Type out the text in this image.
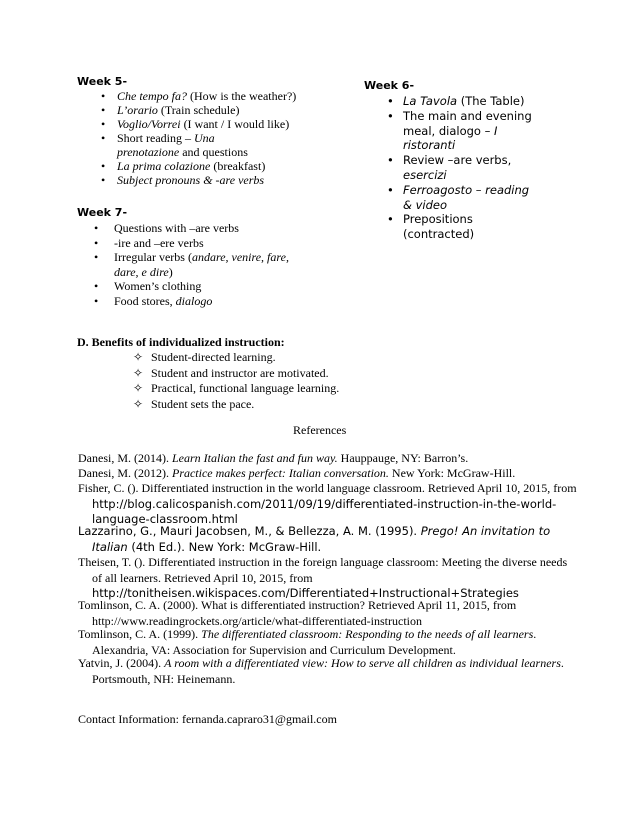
Week 5-
• Che tempo fa? (How is the weather?)
• L’orario (Train schedule)
• Voglio/Vorrei (I want / I would like)
• Short reading – Una prenotazione and questions
• La prima colazione (breakfast)
• Subject pronouns & -are verbs
Week 6-
• La Tavola (The Table)
• The main and evening meal, dialogo – I ristoranti
• Review –are verbs, esercizi
• Ferroagosto – reading & video
• Prepositions (contracted)
Week 7-
• Questions with –are verbs
• -ire and –ere verbs
• Irregular verbs (andare, venire, fare, dare, e dire)
• Women’s clothing
• Food stores, dialogo
D. Benefits of individualized instruction:
✧ Student-directed learning.
✧ Student and instructor are motivated.
✧ Practical, functional language learning.
✧ Student sets the pace.
References
Danesi, M. (2014). Learn Italian the fast and fun way. Hauppauge, NY: Barron’s.
Danesi, M. (2012). Practice makes perfect: Italian conversation. New York: McGraw-Hill.
Fisher, C. (). Differentiated instruction in the world language classroom. Retrieved April 10, 2015, from http://blog.calicospanish.com/2011/09/19/differentiated-instruction-in-the-world-language-classroom.html
Lazzarino, G., Mauri Jacobsen, M., & Bellezza, A. M. (1995). Prego! An invitation to Italian (4th Ed.). New York: McGraw-Hill.
Theisen, T. (). Differentiated instruction in the foreign language classroom: Meeting the diverse needs of all learners. Retrieved April 10, 2015, from http://tonitheisen.wikispaces.com/Differentiated+Instructional+Strategies
Tomlinson, C. A. (2000). What is differentiated instruction? Retrieved April 11, 2015, from http://www.readingrockets.org/article/what-differentiated-instruction
Tomlinson, C. A. (1999). The differentiated classroom: Responding to the needs of all learners. Alexandria, VA: Association for Supervision and Curriculum Development.
Yatvin, J. (2004). A room with a differentiated view: How to serve all children as individual learners. Portsmouth, NH: Heinemann.
Contact Information: fernanda.capraro31@gmail.com
